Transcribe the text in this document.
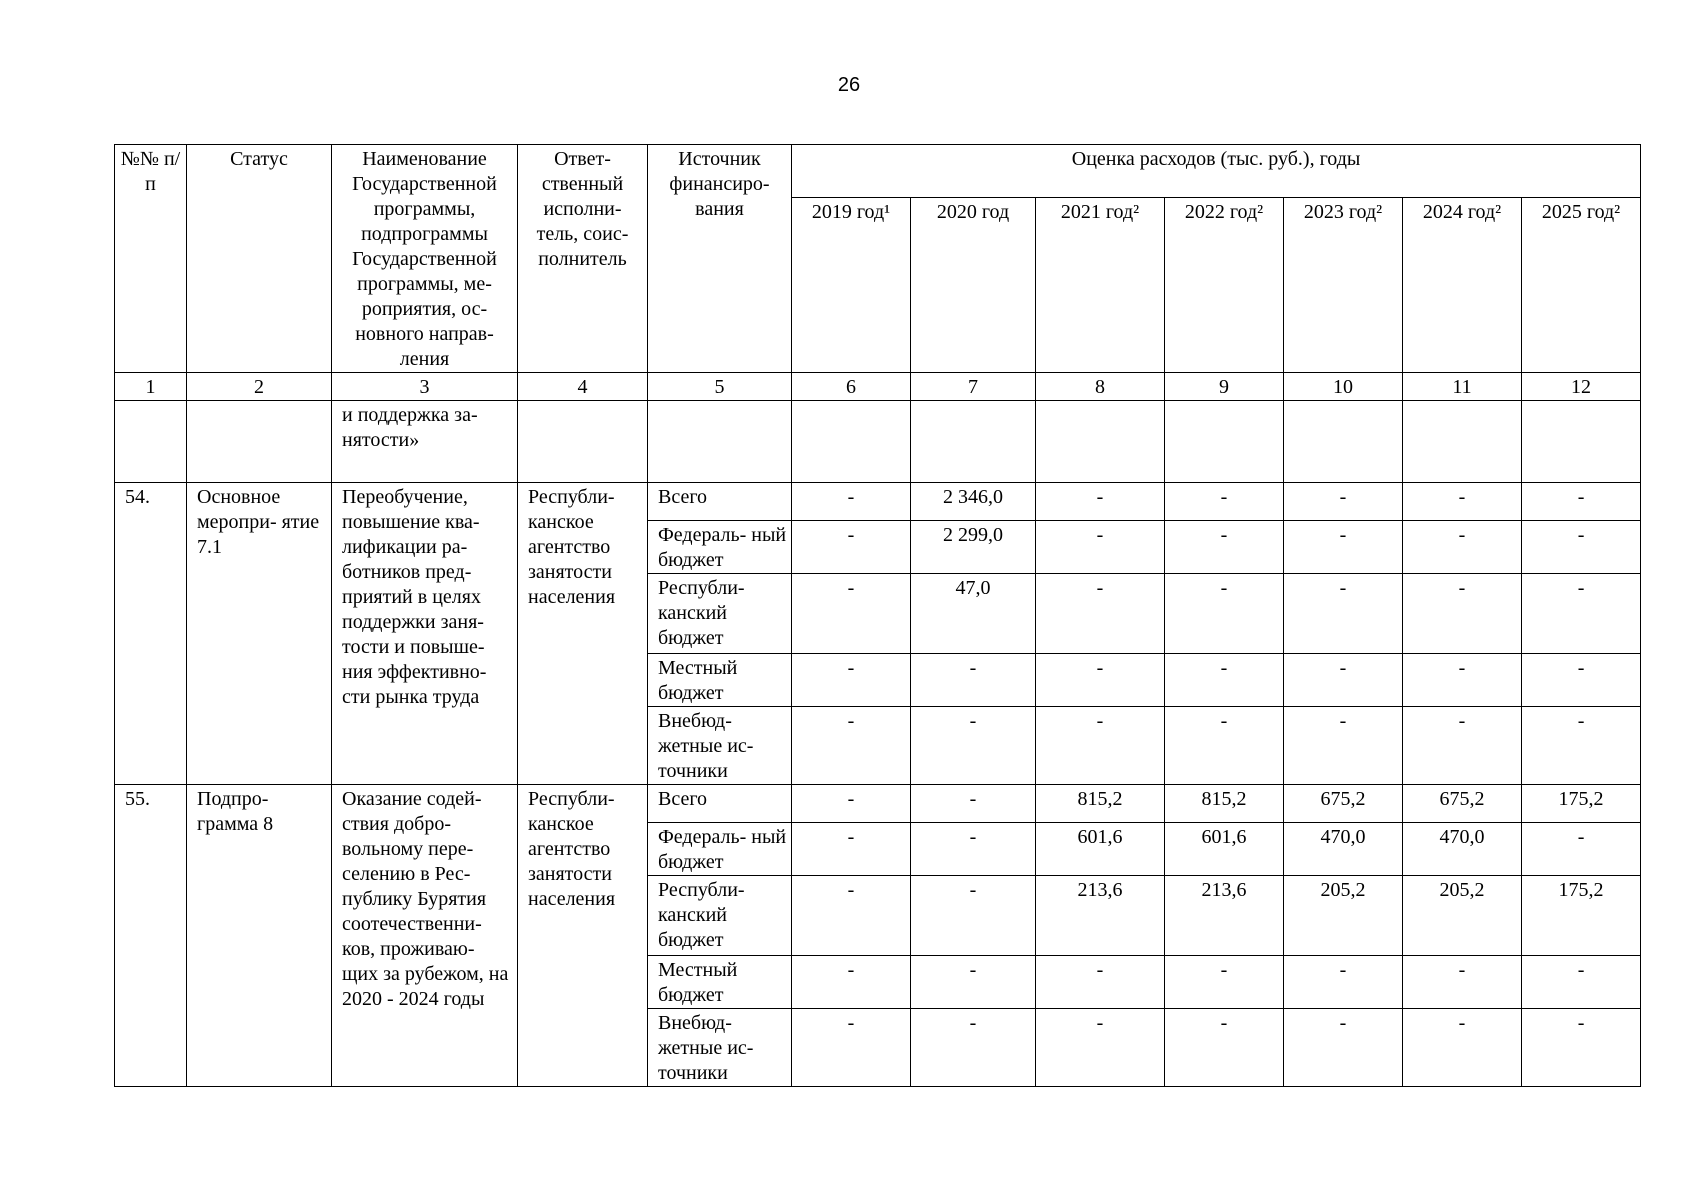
26
№№ п/п	Статус	Наименование Государственной программы, подпрограммы Государственной программы, ме- роприятия, ос- новного направ- ления	Ответ- ственный исполни- тель, соис- полнитель	Источник финансиро- вания	Оценка расходов (тыс. руб.), годы						
					2019 год¹	2020 год	2021 год²	2022 год²	2023 год²	2024 год²	2025 год²
1	2	3	4	5	6	7	8	9	10	11	12
		и поддержка за- нятости»									
54.	Основное меропри- ятие 7.1	Переобучение, повышение ква- лификации ра- ботников пред- приятий в целях поддержки заня- тости и повыше- ния эффективно- сти рынка труда	Республи- канское агентство занятости населения	Всего	-	2 346,0	-	-	-	-	-
				Федераль- ный бюджет	-	2 299,0	-	-	-	-	-
				Республи- канский бюджет	-	47,0	-	-	-	-	-
				Местный бюджет	-	-	-	-	-	-	-
				Внебюд- жетные ис- точники	-	-	-	-	-	-	-
55.	Подпро- грамма 8	Оказание содей- ствия добро- вольному пере- селению в Рес- публику Бурятия соотечественни- ков, проживаю- щих за рубежом, на 2020 - 2024 годы	Республи- канское агентство занятости населения	Всего	-	-	815,2	815,2	675,2	675,2	175,2
				Федераль- ный бюджет	-	-	601,6	601,6	470,0	470,0	-
				Республи- канский бюджет	-	-	213,6	213,6	205,2	205,2	175,2
				Местный бюджет	-	-	-	-	-	-	-
				Внебюд- жетные ис- точники	-	-	-	-	-	-	-
